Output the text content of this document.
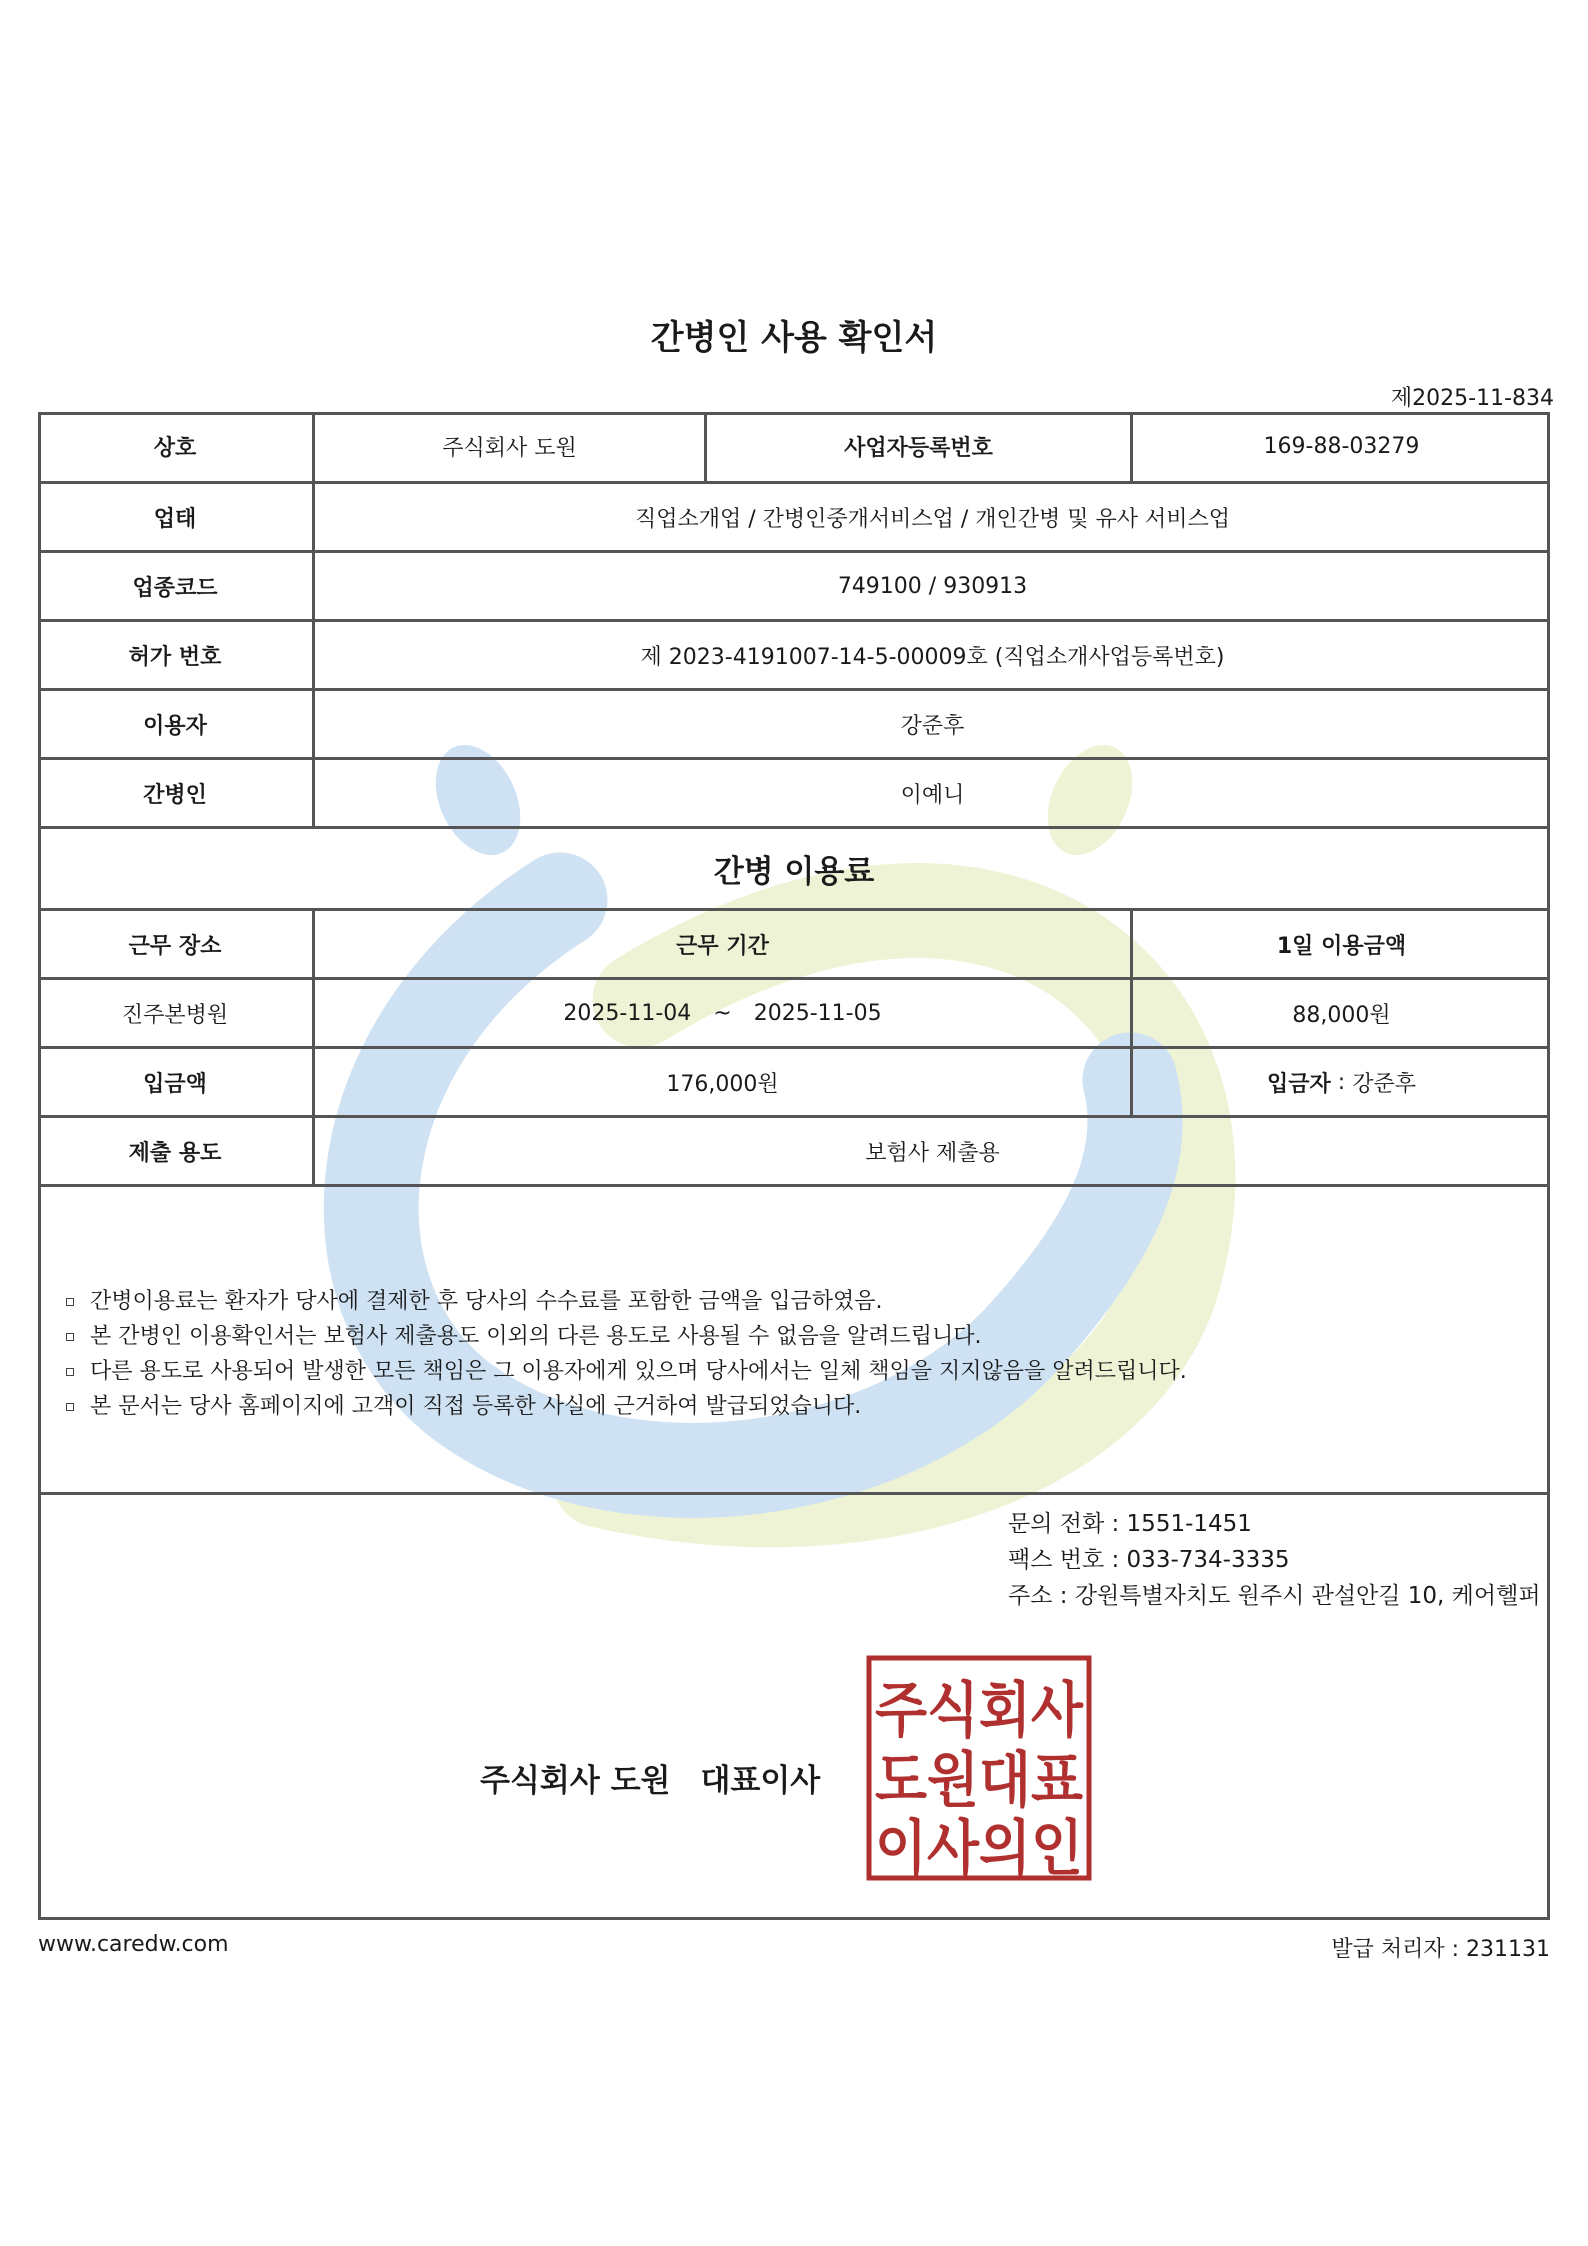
간병인 사용 확인서
제2025-11-834
상호	주식회사 도원	사업자등록번호	169-88-03279
업태	직업소개업 / 간병인중개서비스업 / 개인간병 및 유사 서비스업
업종코드	749100 / 930913
허가 번호	제 2023-4191007-14-5-00009호 (직업소개사업등록번호)
이용자	강준후
간병인	이예니
간병 이용료
근무 장소	근무 기간	1일 이용금액
진주본병원	2025-11-04 ~ 2025-11-05	88,000원
입금액	176,000원	입금자 : 강준후
제출 용도	보험사 제출용
간병이용료는 환자가 당사에 결제한 후 당사의 수수료를 포함한 금액을 입금하였음.
본 간병인 이용확인서는 보험사 제출용도 이외의 다른 용도로 사용될 수 없음을 알려드립니다.
다른 용도로 사용되어 발생한 모든 책임은 그 이용자에게 있으며 당사에서는 일체 책임을 지지않음을 알려드립니다.
본 문서는 당사 홈페이지에 고객이 직접 등록한 사실에 근거하여 발급되었습니다.
문의 전화 : 1551-1451
팩스 번호 : 033-734-3335
주소 : 강원특별자치도 원주시 관설안길 10, 케어헬퍼
주식회사 도원 대표이사
주식회사
도원대표
이사의인
www.caredw.com	발급 처리자 : 231131
